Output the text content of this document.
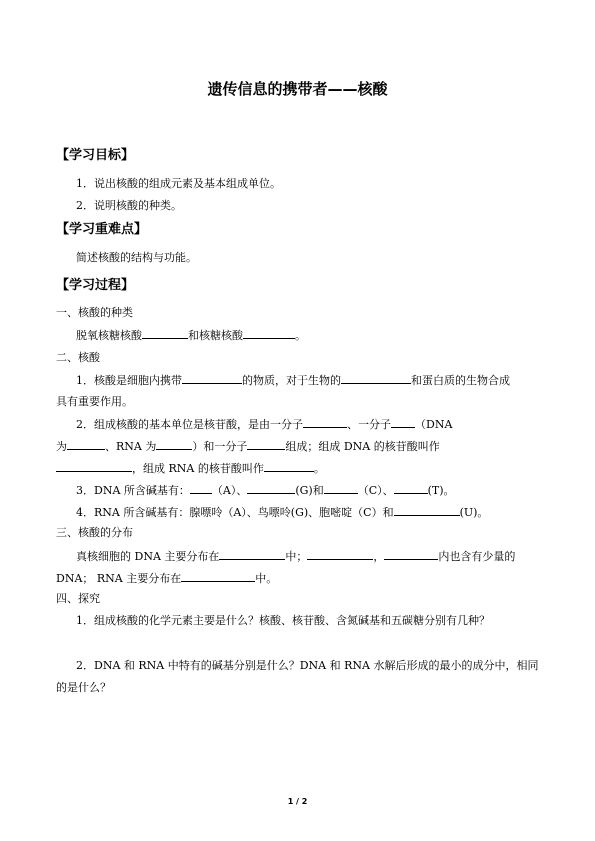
遗传信息的携带者——核酸
【学习目标】
1．说出核酸的组成元素及基本组成单位。
2．说明核酸的种类。
【学习重难点】
简述核酸的结构与功能。
【学习过程】
一、核酸的种类
脱氧核糖核酸	和核糖核酸	。
二、核酸
1．核酸是细胞内携带	的物质，对于生物的	和蛋白质的生物合成
具有重要作用。
2．组成核酸的基本单位是核苷酸，是由一分子	、一分子 （DNA
为	、RNA 为	）和一分子	组成；组成 DNA 的核苷酸叫作
，组成 RNA 的核苷酸叫作	。
3．DNA 所含碱基有： （A）、	(G)和	（C）、	(T)。
4．RNA 所含碱基有：腺嘌呤（A）、鸟嘌呤(G)、胞嘧啶（C）和	(U)。
三、核酸的分布
真核细胞的 DNA 主要分布在	中；	，	内也含有少量的
DNA； RNA 主要分布在	中。
四、探究
1．组成核酸的化学元素主要是什么？核酸、核苷酸、含氮碱基和五碳糖分别有几种？
2．DNA 和 RNA 中特有的碱基分别是什么？DNA 和 RNA 水解后形成的最小的成分中，相同
的是什么？
1 / 2
